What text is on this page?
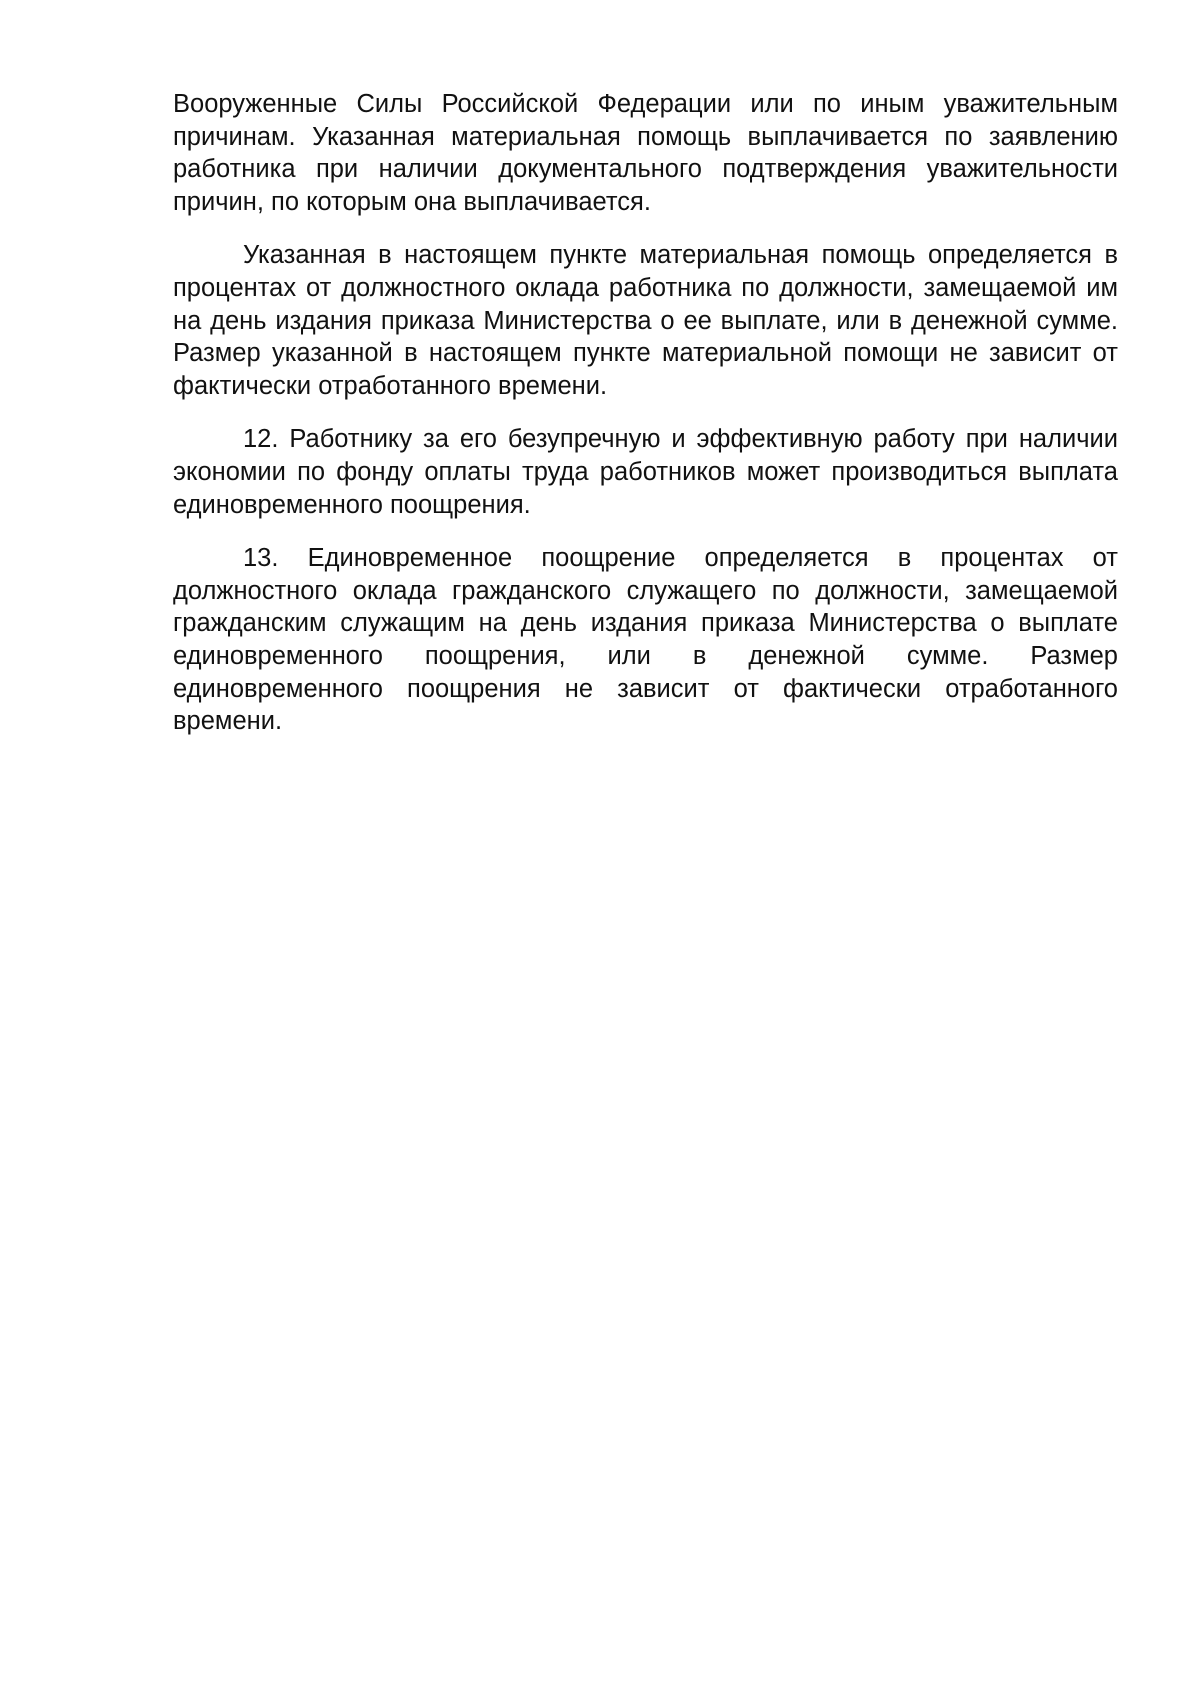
Вооруженные Силы Российской Федерации или по иным уважительным причинам. Указанная материальная помощь выплачивается по заявлению работника при наличии документального подтверждения уважительности причин, по которым она выплачивается.

Указанная в настоящем пункте материальная помощь определяется в процентах от должностного оклада работника по должности, замещаемой им на день издания приказа Министерства о ее выплате, или в денежной сумме. Размер указанной в настоящем пункте материальной помощи не зависит от фактически отработанного времени.

12. Работнику за его безупречную и эффективную работу при наличии экономии по фонду оплаты труда работников может производиться выплата единовременного поощрения.

13. Единовременное поощрение определяется в процентах от должностного оклада гражданского служащего по должности, замещаемой гражданским служащим на день издания приказа Министерства о выплате единовременного поощрения, или в денежной сумме. Размер единовременного поощрения не зависит от фактически отработанного времени.
